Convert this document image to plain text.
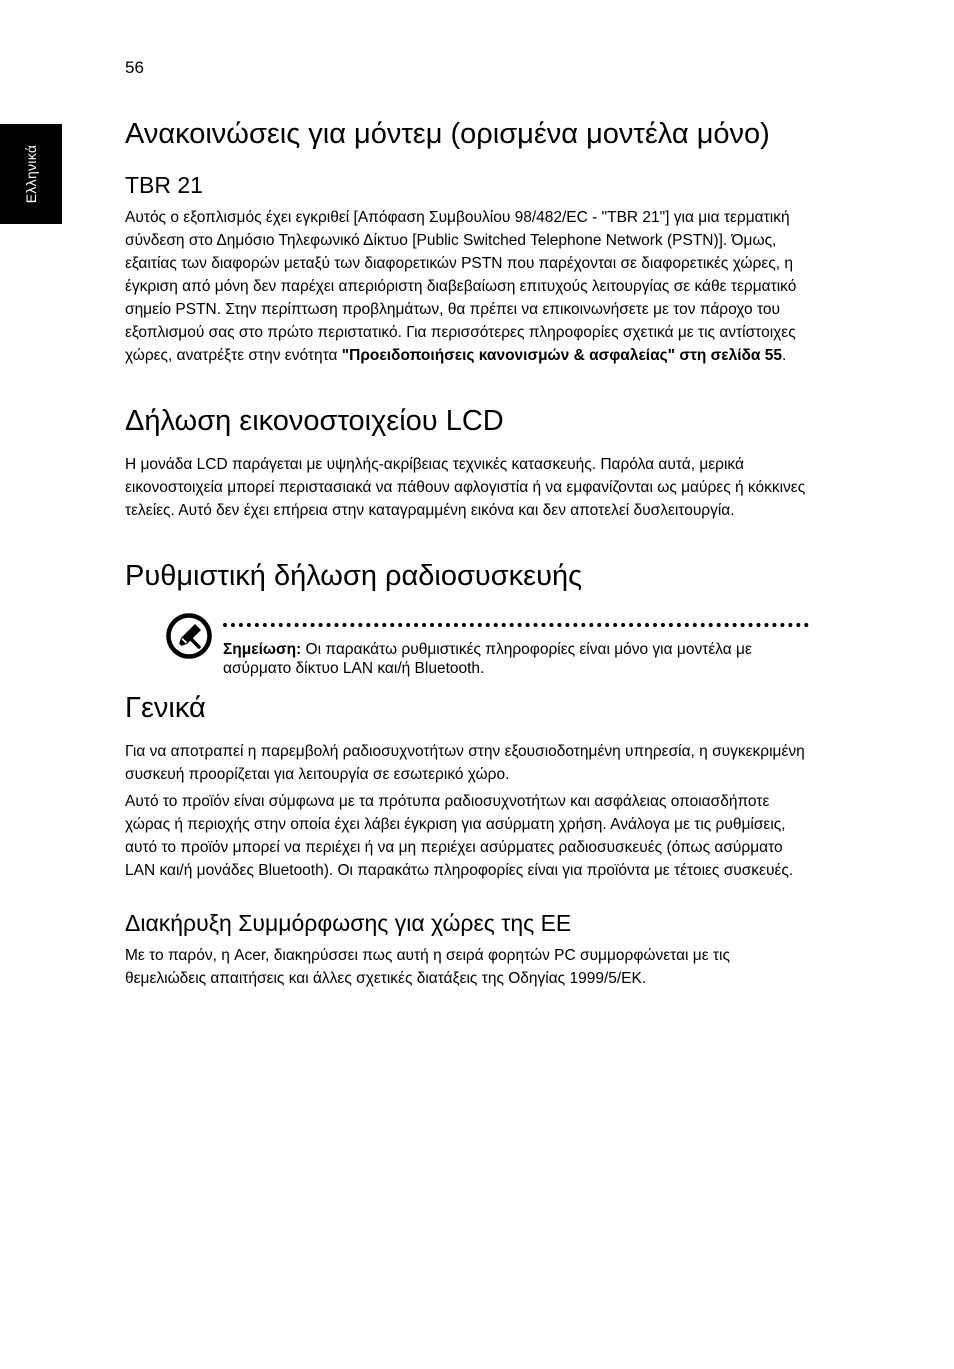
56
Ελληνικά
Ανακοινώσεις για μόντεμ (ορισμένα μοντέλα μόνο)
TBR 21

Αυτός ο εξοπλισμός έχει εγκριθεί [Απόφαση Συμβουλίου 98/482/EC - "TBR 21"] για μια τερματική σύνδεση στο Δημόσιο Τηλεφωνικό Δίκτυο [Public Switched Telephone Network (PSTN)]. Όμως, εξαιτίας των διαφορών μεταξύ των διαφορετικών PSTN που παρέχονται σε διαφορετικές χώρες, η έγκριση από μόνη δεν παρέχει απεριόριστη διαβεβαίωση επιτυχούς λειτουργίας σε κάθε τερματικό σημείο PSTN. Στην περίπτωση προβλημάτων, θα πρέπει να επικοινωνήσετε με τον πάροχο του εξοπλισμού σας στο πρώτο περιστατικό. Για περισσότερες πληροφορίες σχετικά με τις αντίστοιχες χώρες, ανατρέξτε στην ενότητα "Προειδοποιήσεις κανονισμών & ασφαλείας" στη σελίδα 55.

Δήλωση εικονοστοιχείου LCD

Η μονάδα LCD παράγεται με υψηλής-ακρίβειας τεχνικές κατασκευής. Παρόλα αυτά, μερικά εικονοστοιχεία μπορεί περιστασιακά να πάθουν αφλογιστία ή να εμφανίζονται ως μαύρες ή κόκκινες τελείες. Αυτό δεν έχει επήρεια στην καταγραμμένη εικόνα και δεν αποτελεί δυσλειτουργία.

Ρυθμιστική δήλωση ραδιοσυσκευής
Σημείωση: Οι παρακάτω ρυθμιστικές πληροφορίες είναι μόνο για μοντέλα με ασύρματο δίκτυο LAN και/ή Bluetooth.
Γενικά

Για να αποτραπεί η παρεμβολή ραδιοσυχνοτήτων στην εξουσιοδοτημένη υπηρεσία, η συγκεκριμένη συσκευή προορίζεται για λειτουργία σε εσωτερικό χώρο.

Αυτό το προϊόν είναι σύμφωνα με τα πρότυπα ραδιοσυχνοτήτων και ασφάλειας οποιασδήποτε χώρας ή περιοχής στην οποία έχει λάβει έγκριση για ασύρματη χρήση. Ανάλογα με τις ρυθμίσεις, αυτό το προϊόν μπορεί να περιέχει ή να μη περιέχει ασύρματες ραδιοσυσκευές (όπως ασύρματο LAN και/ή μονάδες Bluetooth). Οι παρακάτω πληροφορίες είναι για προϊόντα με τέτοιες συσκευές.

Διακήρυξη Συμμόρφωσης για χώρες της ΕΕ

Με το παρόν, η Acer, διακηρύσσει πως αυτή η σειρά φορητών PC συμμορφώνεται με τις θεμελιώδεις απαιτήσεις και άλλες σχετικές διατάξεις της Οδηγίας 1999/5/ΕΚ.
